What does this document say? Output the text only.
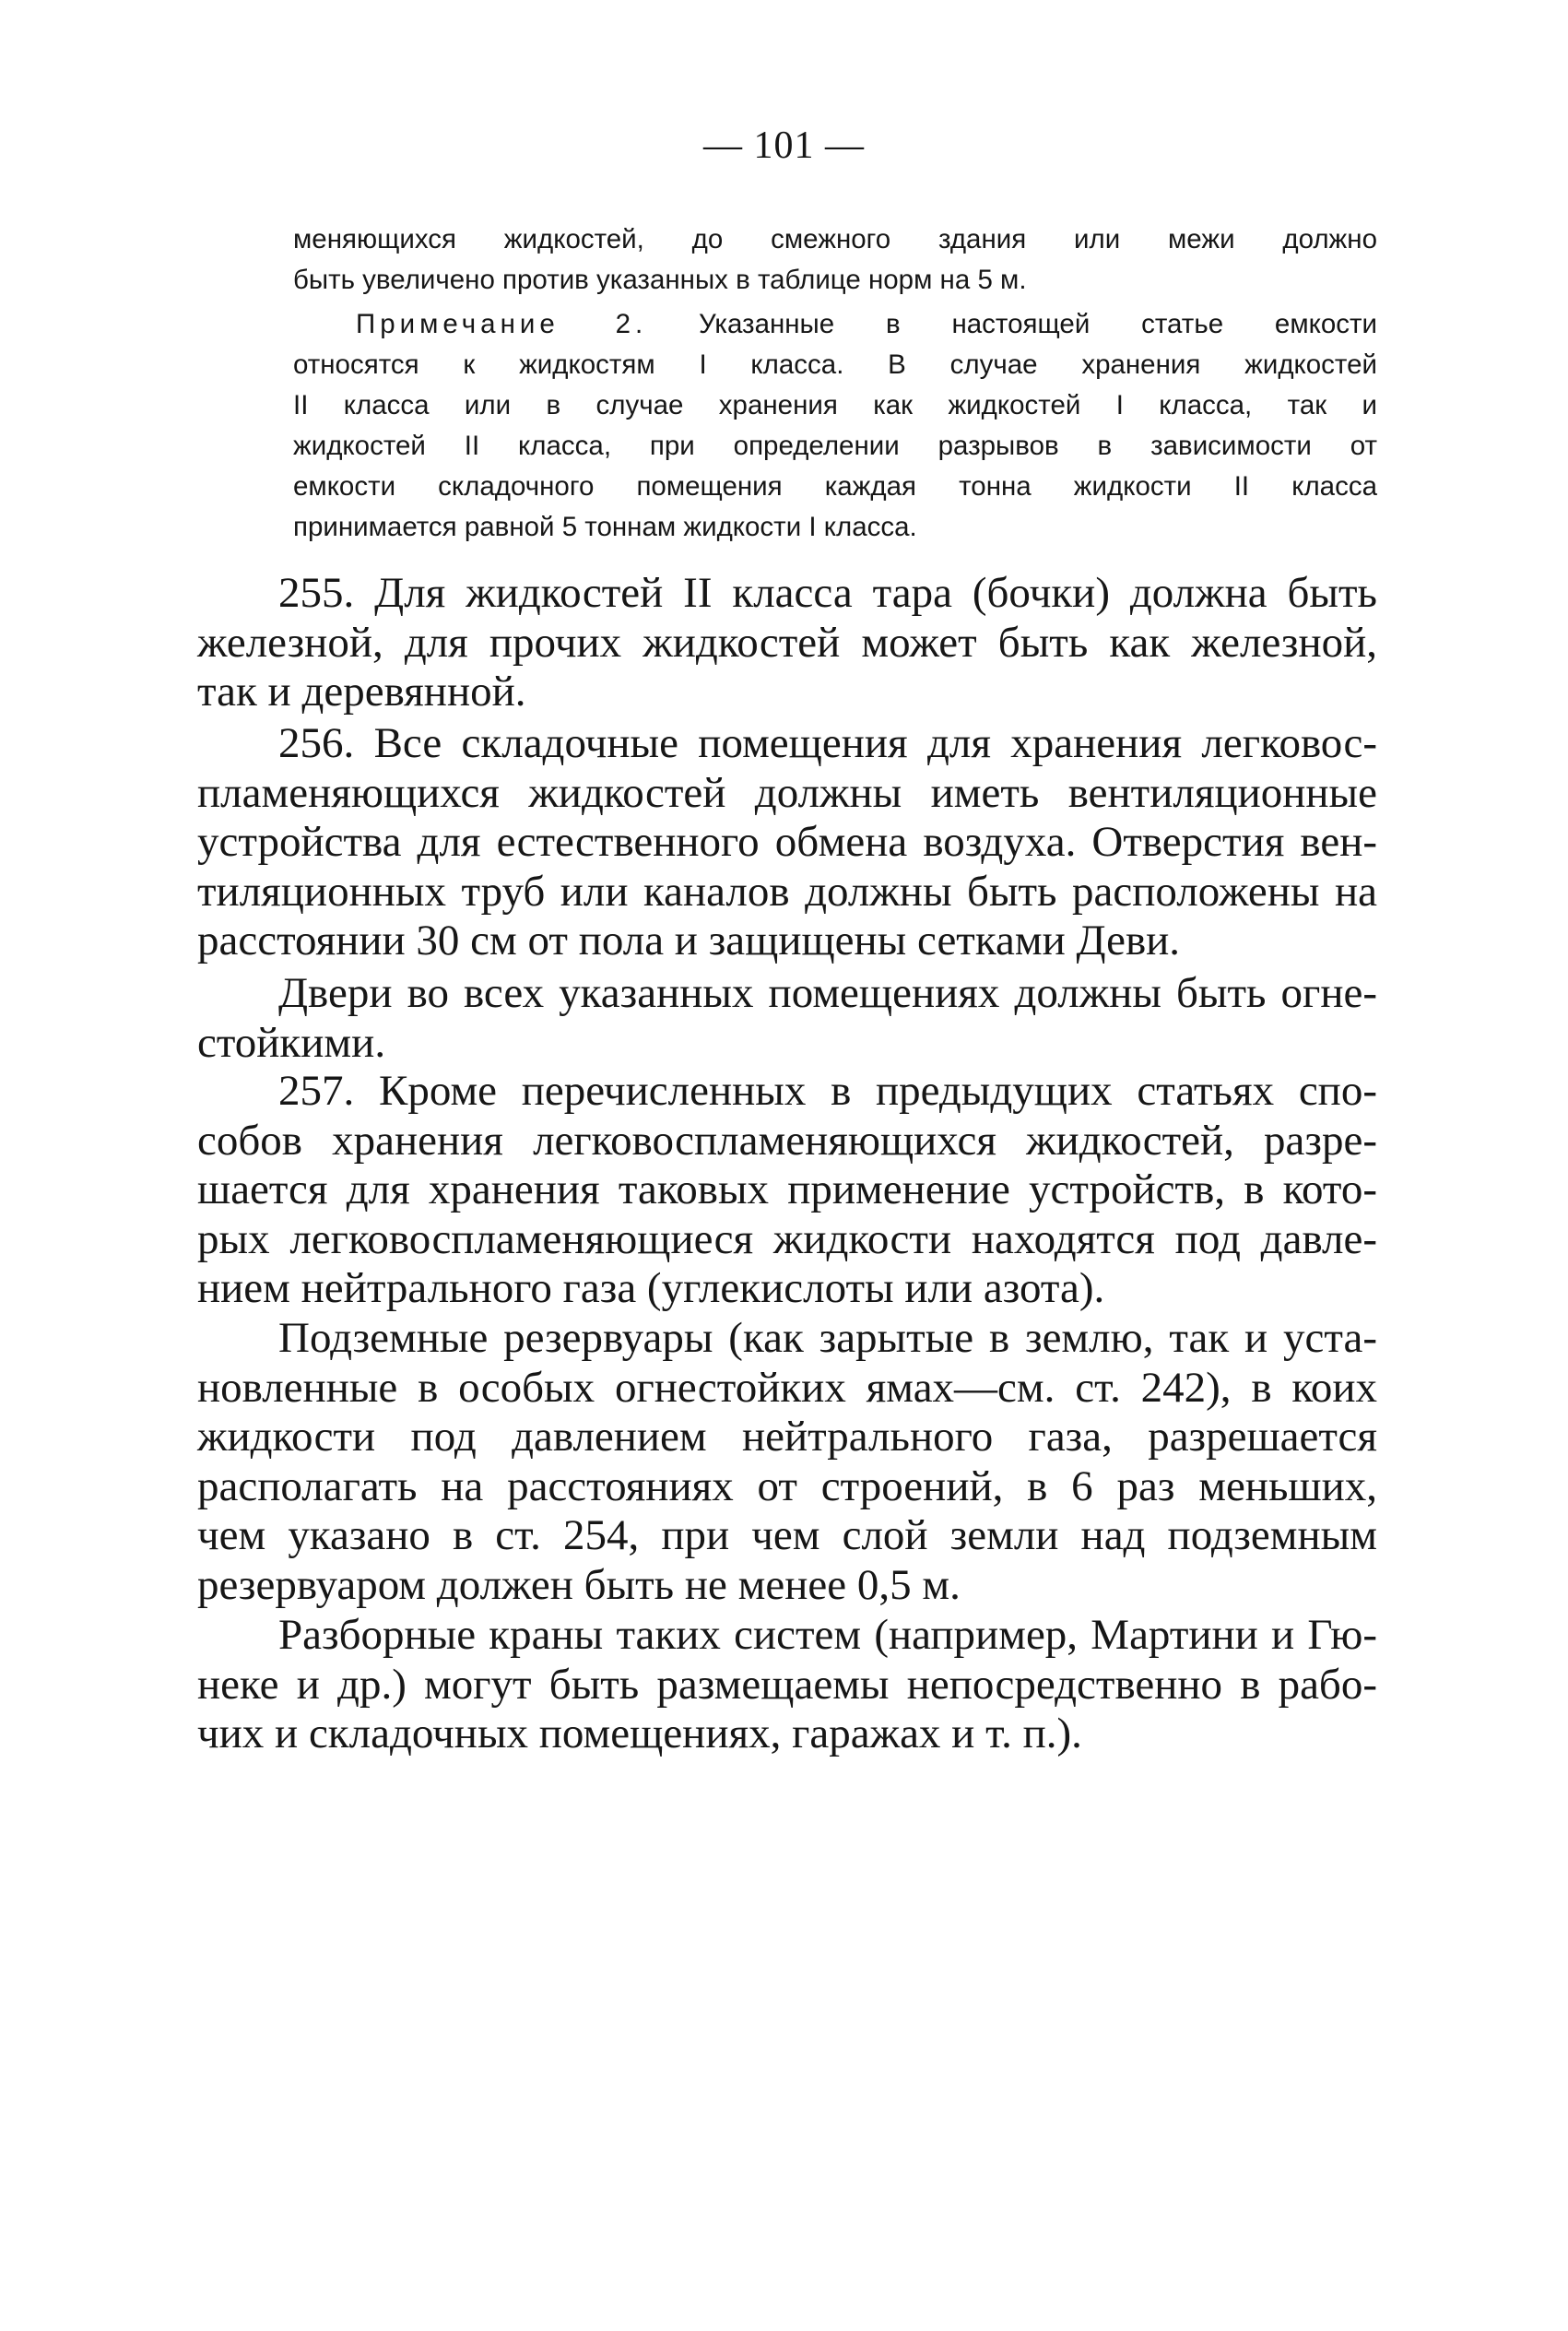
— 101 —
меняющихся жидкостей, до смежного здания или межи должно
быть увеличено против указанных в таблице норм на 5 м.
Примечание 2. Указанные в настоящей статье емкости
относятся к жидкостям I класса. В случае хранения жидкостей
II класса или в случае хранения как жидкостей I класса, так и
жидкостей II класса, при определении разрывов в зависимости от
емкости складочного помещения каждая тонна жидкости II класса
принимается равной 5 тоннам жидкости I класса.
255. Для жидкостей II класса тара (бочки) должна быть
железной, для прочих жидкостей может быть как железной,
так и деревянной.
256. Все складочные помещения для хранения легковос-
пламеняющихся жидкостей должны иметь вентиляционные
устройства для естественного обмена воздуха. Отверстия вен-
тиляционных труб или каналов должны быть расположены на
расстоянии 30 см от пола и защищены сетками Деви.
Двери во всех указанных помещениях должны быть огне-
стойкими.
257. Кроме перечисленных в предыдущих статьях спо-
собов хранения легковоспламеняющихся жидкостей, разре-
шается для хранения таковых применение устройств, в кото-
рых легковоспламеняющиеся жидкости находятся под давле-
нием нейтрального газа (углекислоты или азота).
Подземные резервуары (как зарытые в землю, так и уста-
новленные в особых огнестойких ямах—см. ст. 242), в коих
жидкости под давлением нейтрального газа, разрешается
располагать на расстояниях от строений, в 6 раз меньших,
чем указано в ст. 254, при чем слой земли над подземным
резервуаром должен быть не менее 0,5 м.
Разборные краны таких систем (например, Мартини и Гю-
неке и др.) могут быть размещаемы непосредственно в рабо-
чих и складочных помещениях, гаражах и т. п.).
